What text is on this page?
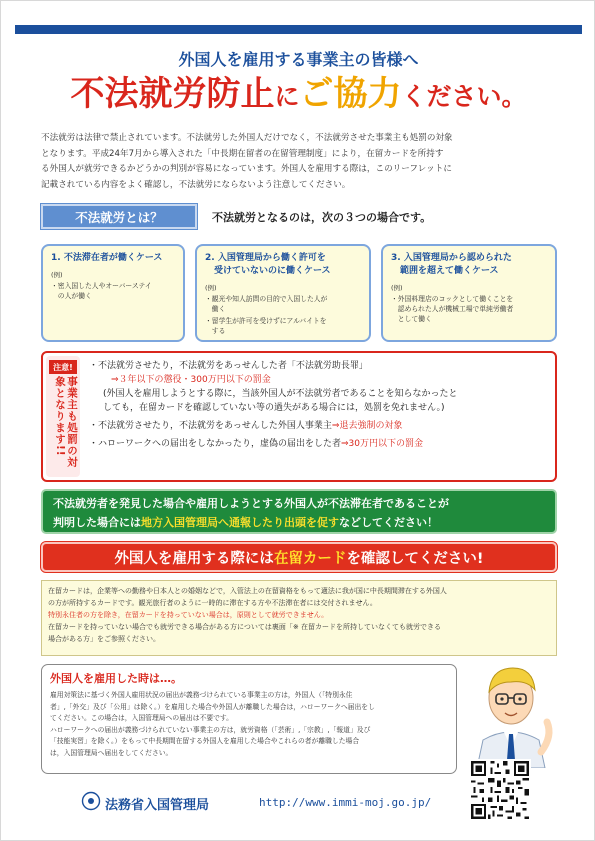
外国人を雇用する事業主の皆様へ
不法就労防止にご協力ください。
不法就労は法律で禁止されています。不法就労した外国人だけでなく，不法就労させた事業主も処罰の対象
となります。平成24年7月から導入された「中長期在留者の在留管理制度」により，在留カードを所持す
る外国人が就労できるかどうかの判別が容易になっています。外国人を雇用する際は，このリーフレットに
記載されている内容をよく確認し，不法就労にならないよう注意してください。
不法就労とは？	不法就労となるのは，次の３つの場合です。
1. 不法滞在者が働くケース
(例)
・密入国した人やオーバーステイ
　の人が働く
2. 入国管理局から働く許可を
　受けていないのに働くケース
(例)
・観光や知人訪問の目的で入国した人が
　働く
・留学生が許可を受けずにアルバイトを
　する
3. 入国管理局から認められた
　範囲を超えて働くケース
(例)
・外国料理店のコックとして働くことを
　認められた人が機械工場で単純労働者
　として働く
注意!
事業主も処罰の対象となります!!
・不法就労させたり，不法就労をあっせんした者「不法就労助長罪」
⇒３年以下の懲役・300万円以下の罰金
(外国人を雇用しようとする際に，当該外国人が不法就労者であることを知らなかったと
しても，在留カードを確認していない等の過失がある場合には，処罰を免れません。)
・不法就労させたり，不法就労をあっせんした外国人事業主⇒退去強制の対象
・ハローワークへの届出をしなかったり，虚偽の届出をした者⇒30万円以下の罰金
不法就労者を発見した場合や雇用しようとする外国人が不法滞在者であることが
判明した場合には地方入国管理局へ通報したり出頭を促すなどしてください！
外国人を雇用する際には 在留カード を確認してください!
在留カードは，企業等への勤務や日本人との婚姻などで，入管法上の在留資格をもって適法に我が国に中長期間滞在する外国人
の方が所持するカードです。観光旅行者のように一時的に滞在する方や不法滞在者には交付されません。
特別永住者の方を除き，在留カードを持っていない場合は，原則として就労できません。
在留カードを持っていない場合でも就労できる場合がある方については裏面「※ 在留カードを所持していなくても就労できる
場合がある方」をご参照ください。
外国人を雇用した時は…。
雇用対策法に基づく外国人雇用状況の届出が義務づけられている事業主の方は，外国人（「特別永住
者」,「外交」及び「公用」は除く。）を雇用した場合や外国人が離職した場合は，ハローワークへ届出をし
てください。この場合は，入国管理局への届出は不要です。
ハローワークへの届出が義務づけられていない事業主の方は，就労資格（「芸術」,「宗教」,「報道」及び
「技能実習」を除く。）をもって中長期間在留する外国人を雇用した場合やこれらの者が離職した場合
は，入国管理局へ届出をしてください。
法務省入国管理局	http://www.immi-moj.go.jp/
